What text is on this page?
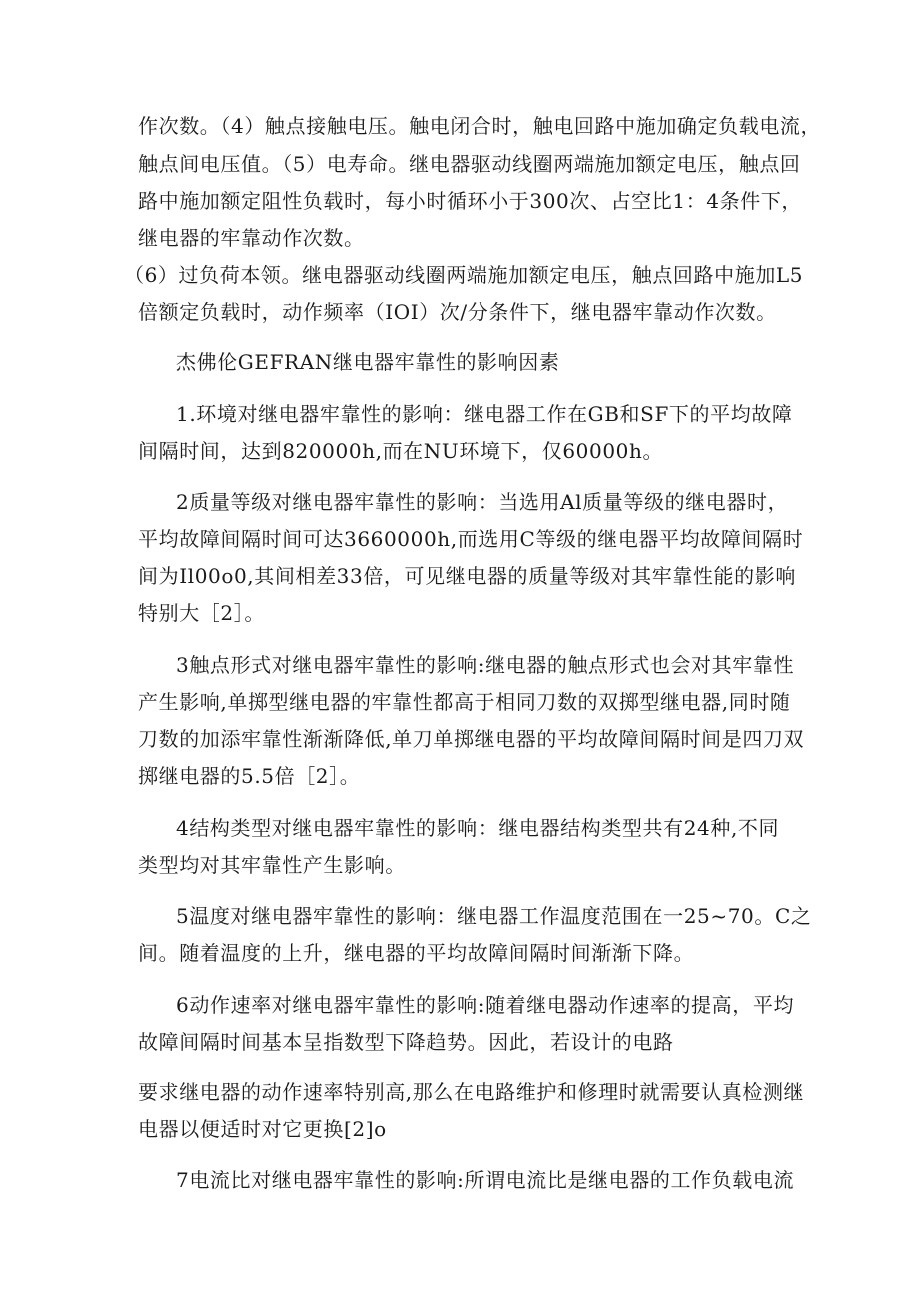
作次数。（4）触点接触电压。触电闭合时，触电回路中施加确定负载电流，
触点间电压值。（5）电寿命。继电器驱动线圈两端施加额定电压，触点回
路中施加额定阻性负载时，每小时循环小于300次、占空比1：4条件下，
继电器的牢靠动作次数。
（6）过负荷本领。继电器驱动线圈两端施加额定电压，触点回路中施加L5
倍额定负载时，动作频率（IOI）次/分条件下，继电器牢靠动作次数。
杰佛伦GEFRAN继电器牢靠性的影响因素
1.环境对继电器牢靠性的影响：继电器工作在GB和SF下的平均故障
间隔时间，达到820000h,而在NU环境下，仅60000h。
2质量等级对继电器牢靠性的影响：当选用Al质量等级的继电器时，
平均故障间隔时间可达3660000h,而选用C等级的继电器平均故障间隔时
间为Il00o0,其间相差33倍，可见继电器的质量等级对其牢靠性能的影响
特别大［2］。
3触点形式对继电器牢靠性的影响:继电器的触点形式也会对其牢靠性
产生影响,单掷型继电器的牢靠性都高于相同刀数的双掷型继电器,同时随
刀数的加添牢靠性渐渐降低,单刀单掷继电器的平均故障间隔时间是四刀双
掷继电器的5.5倍［2］。
4结构类型对继电器牢靠性的影响：继电器结构类型共有24种,不同
类型均对其牢靠性产生影响。
5温度对继电器牢靠性的影响：继电器工作温度范围在一25~70。C之
间。随着温度的上升，继电器的平均故障间隔时间渐渐下降。
6动作速率对继电器牢靠性的影响:随着继电器动作速率的提高，平均
故障间隔时间基本呈指数型下降趋势。因此，若设计的电路
要求继电器的动作速率特别高,那么在电路维护和修理时就需要认真检测继
电器以便适时对它更换[2]o
7电流比对继电器牢靠性的影响:所谓电流比是继电器的工作负载电流
